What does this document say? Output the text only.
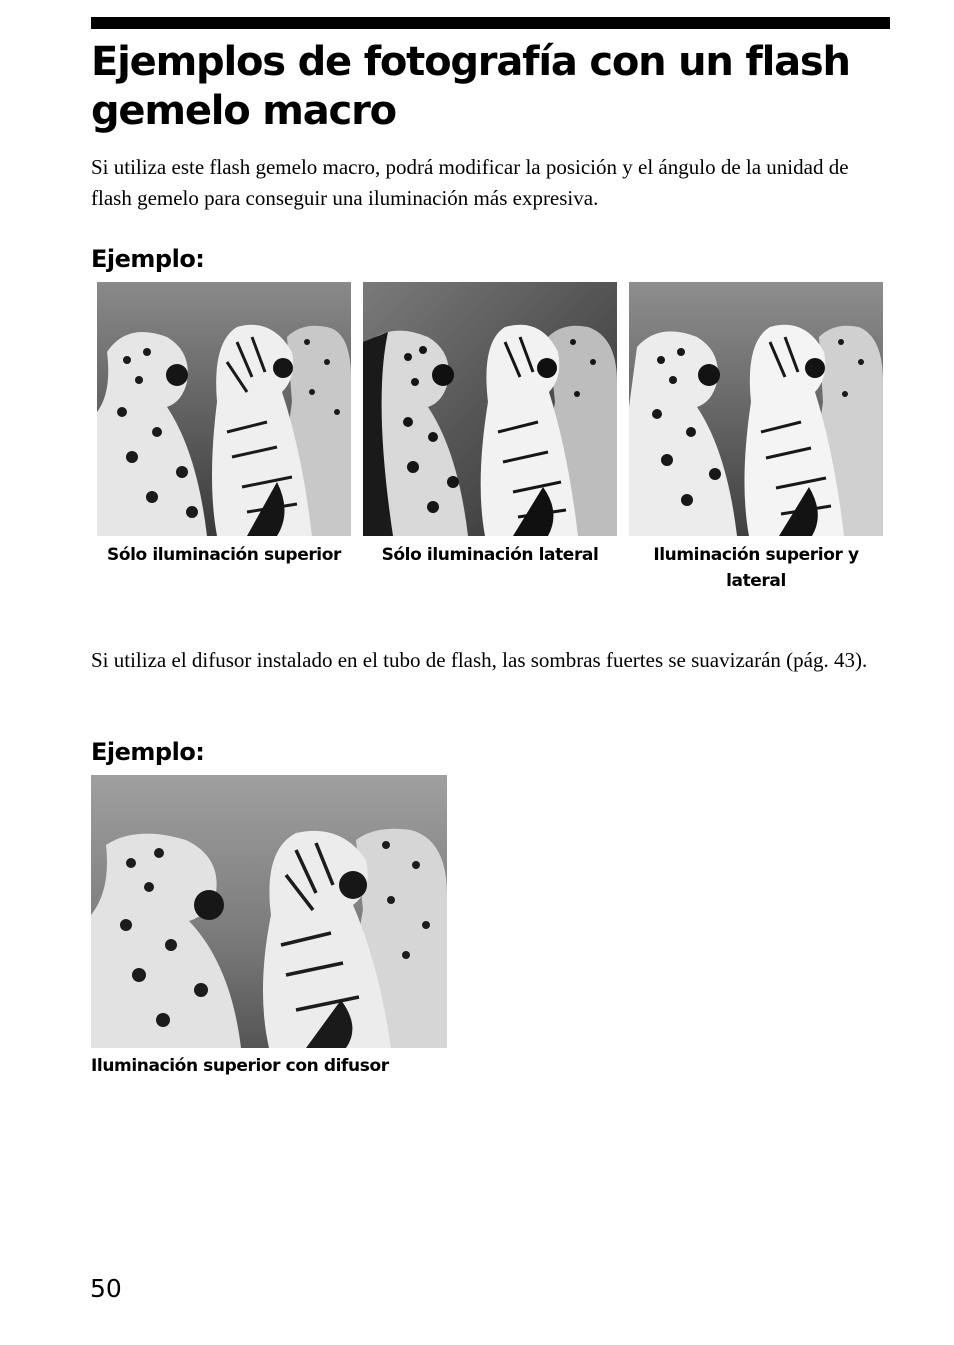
Ejemplos de fotografía con un flash gemelo macro

Si utiliza este flash gemelo macro, podrá modificar la posición y el ángulo de la unidad de flash gemelo para conseguir una iluminación más expresiva.

Ejemplo:

Sólo iluminación superior	Sólo iluminación lateral	Iluminación superior y lateral

Si utiliza el difusor instalado en el tubo de flash, las sombras fuertes se suavizarán (pág. 43).

Ejemplo:

Iluminación superior con difusor

50
